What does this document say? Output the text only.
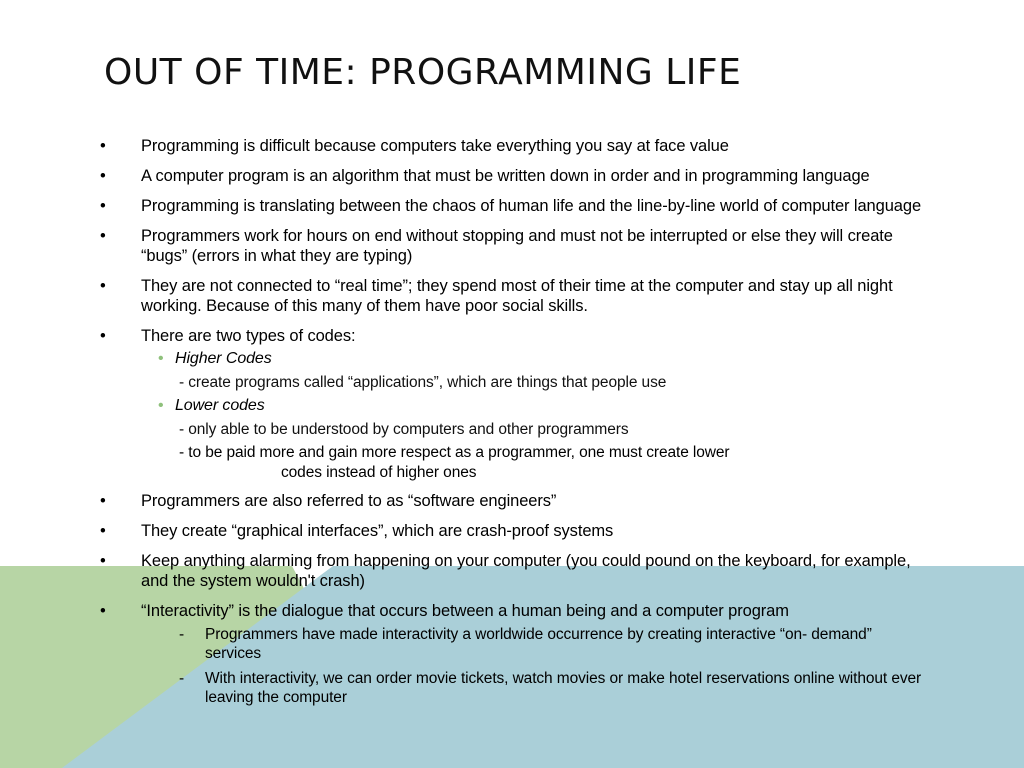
OUT OF TIME: PROGRAMMING LIFE
• Programming is difficult because computers take everything you say at face value
• A computer program is an algorithm that must be written down in order and in programming language
• Programming is translating between the chaos of human life and the line-by-line world of computer language
• Programmers work for hours on end without stopping and must not be interrupted or else they will create “bugs” (errors in what they are typing)
• They are not connected to “real time”; they spend most of their time at the computer and stay up all night working. Because of this many of them have poor social skills.
• There are two types of codes:
• Higher Codes
- create programs called “applications”, which are things that people use
• Lower codes
- only able to be understood by computers and other programmers
- to be paid more and gain more respect as a programmer, one must create lower
codes instead of higher ones
• Programmers are also referred to as “software engineers”
• They create “graphical interfaces”, which are crash-proof systems
• Keep anything alarming from happening on your computer (you could pound on the keyboard, for example, and the system wouldn't crash)
• “Interactivity” is the dialogue that occurs between a human being and a computer program
- Programmers have made interactivity a worldwide occurrence by creating interactive “on- demand” services
- With interactivity, we can order movie tickets, watch movies or make hotel reservations online without ever leaving the computer
